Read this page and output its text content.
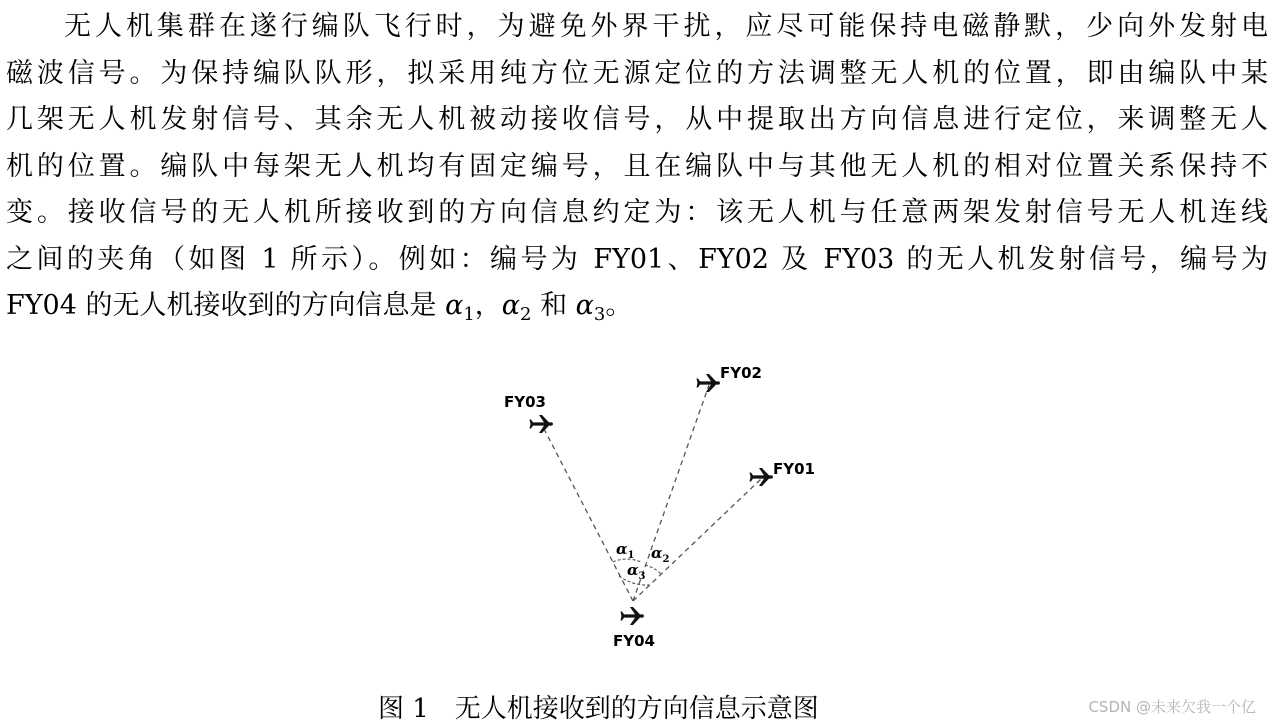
无人机集群在遂行编队飞行时，为避免外界干扰，应尽可能保持电磁静默，少向外发射电
磁波信号。为保持编队队形，拟采用纯方位无源定位的方法调整无人机的位置，即由编队中某
几架无人机发射信号、其余无人机被动接收信号，从中提取出方向信息进行定位，来调整无人
机的位置。编队中每架无人机均有固定编号，且在编队中与其他无人机的相对位置关系保持不
变。接收信号的无人机所接收到的方向信息约定为：该无人机与任意两架发射信号无人机连线
之间的夹角（如图 1 所示）。例如：编号为 FY01、FY02 及 FY03 的无人机发射信号，编号为
FY04 的无人机接收到的方向信息是 $\alpha_1$，$\alpha_2$ 和 $\alpha_3$。
FY02
FY03
FY01
FY04
$\alpha_1$ $\alpha_2$
$\alpha_3$
图 1　无人机接收到的方向信息示意图	CSDN @未来欠我一个亿
